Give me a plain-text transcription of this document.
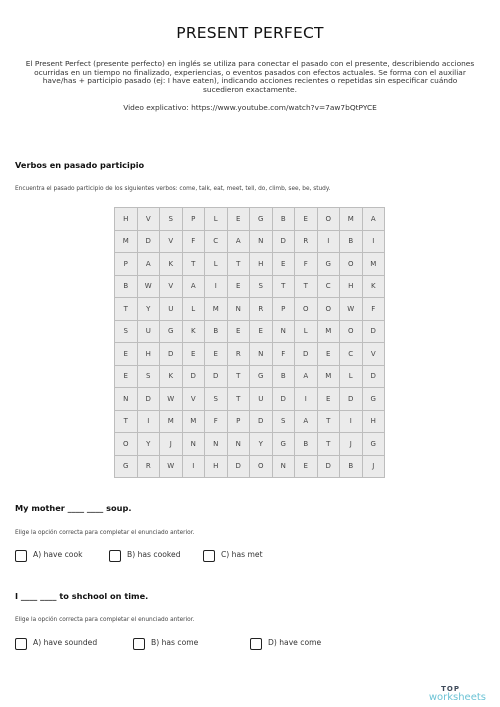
PRESENT PERFECT
El Present Perfect (presente perfecto) en inglés se utiliza para conectar el pasado con el presente, describiendo acciones ocurridas en un tiempo no finalizado, experiencias, o eventos pasados con efectos actuales. Se forma con el auxiliar have/has + participio pasado (ej: I have eaten), indicando acciones recientes o repetidas sin especificar cuándo sucedieron exactamente.
Video explicativo: https://www.youtube.com/watch?v=7aw7bQtPYCE
Verbos en pasado participio
Encuentra el pasado participio de los siguientes verbos: come, talk, eat, meet, tell, do, climb, see, be, study.
H	V	S	P	L	E	G	B	E	O	M	A
M	D	V	F	C	A	N	D	R	I	B	I
P	A	K	T	L	T	H	E	F	G	O	M
B	W	V	A	I	E	S	T	T	C	H	K
T	Y	U	L	M	N	R	P	O	O	W	F
S	U	G	K	B	E	E	N	L	M	O	D
E	H	D	E	E	R	N	F	D	E	C	V
E	S	K	D	D	T	G	B	A	M	L	D
N	D	W	V	S	T	U	D	I	E	D	G
T	I	M	M	F	P	D	S	A	T	I	H
O	Y	J	N	N	N	Y	G	B	T	J	G
G	R	W	I	H	D	O	N	E	D	B	J
My mother ____ ____ soup.
Elige la opción correcta para completar el enunciado anterior.
A) have cook	B) has cooked	C) has met
I ____ ____ to shchool on time.
Elige la opción correcta para completar el enunciado anterior.
A) have sounded	B) has come	D) have come
TOP
worksheets
